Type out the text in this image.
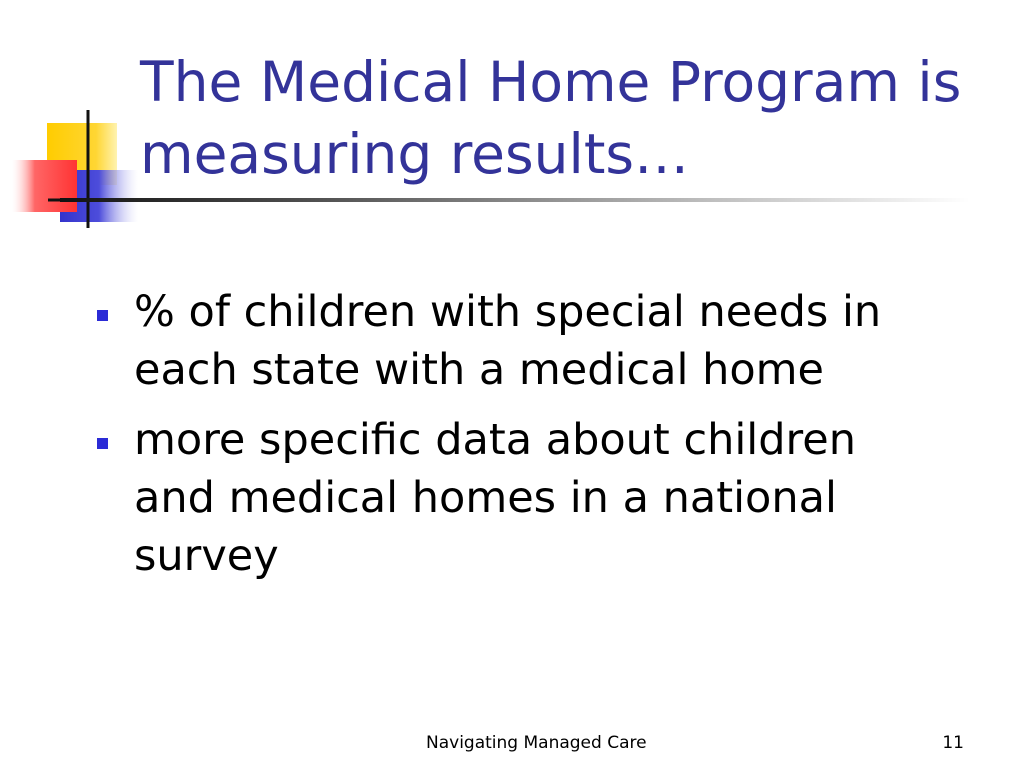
The Medical Home Program is measuring results…
% of children with special needs in each state with a medical home
more specific data about children and medical homes in a national survey
Navigating Managed Care	11
